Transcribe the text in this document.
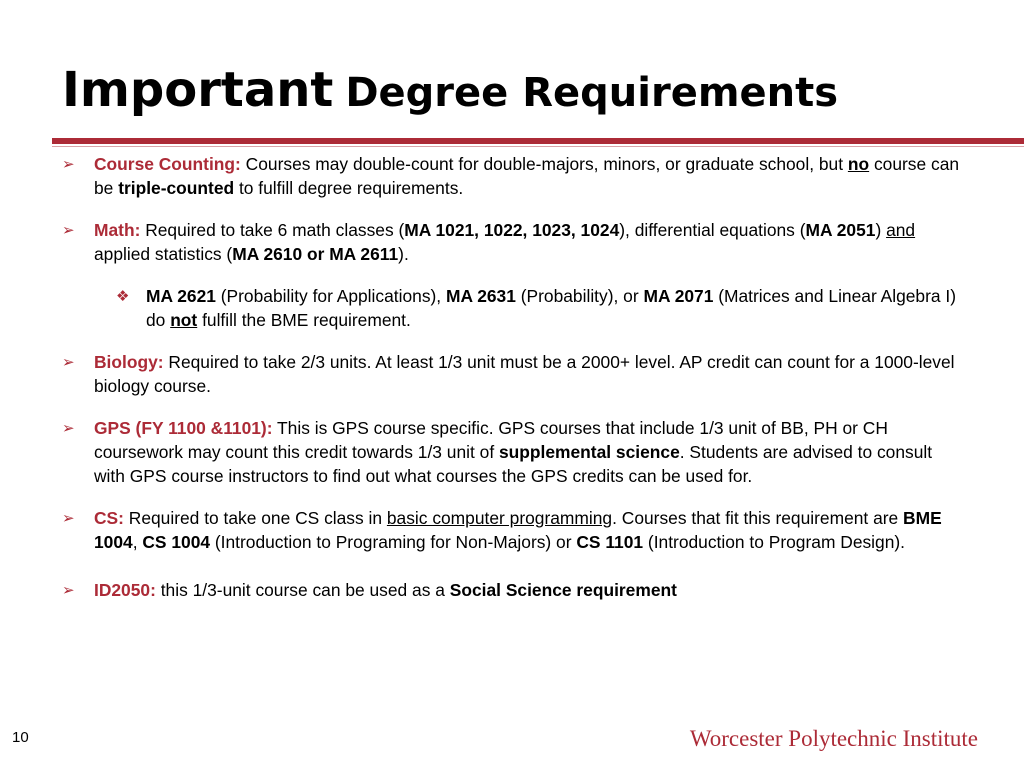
Important Degree Requirements
➢ Course Counting: Courses may double-count for double-majors, minors, or graduate school, but no course can be triple-counted to fulfill degree requirements.
➢ Math: Required to take 6 math classes (MA 1021, 1022, 1023, 1024), differential equations (MA 2051) and applied statistics (MA 2610 or MA 2611).
❖ MA 2621 (Probability for Applications), MA 2631 (Probability), or MA 2071 (Matrices and Linear Algebra I) do not fulfill the BME requirement.
➢ Biology: Required to take 2/3 units. At least 1/3 unit must be a 2000+ level. AP credit can count for a 1000-level biology course.
➢ GPS (FY 1100 &1101): This is GPS course specific. GPS courses that include 1/3 unit of BB, PH or CH coursework may count this credit towards 1/3 unit of supplemental science. Students are advised to consult with GPS course instructors to find out what courses the GPS credits can be used for.
➢ CS: Required to take one CS class in basic computer programming. Courses that fit this requirement are BME 1004, CS 1004 (Introduction to Programing for Non-Majors) or CS 1101 (Introduction to Program Design).
➢ ID2050: this 1/3-unit course can be used as a Social Science requirement
10	Worcester Polytechnic Institute
